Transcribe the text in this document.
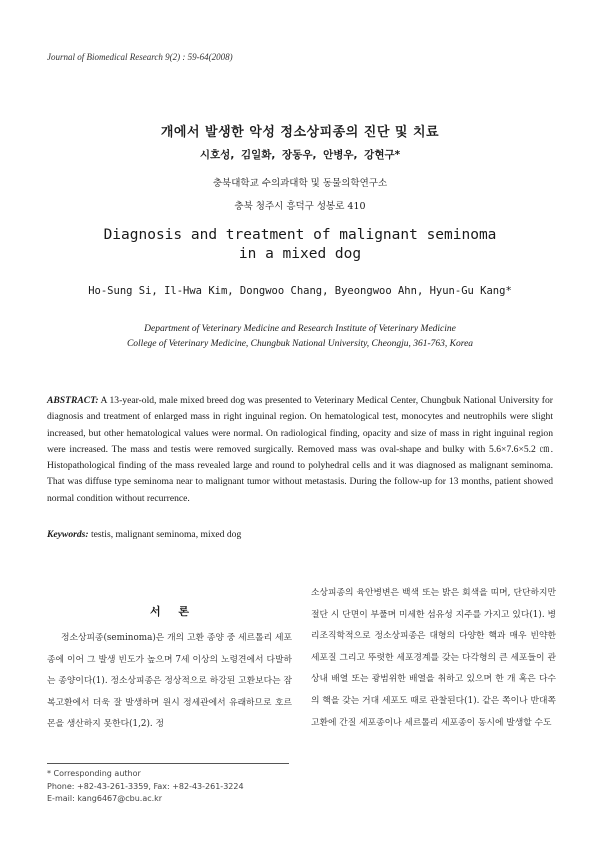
Journal of Biomedical Research 9(2) : 59-64(2008)
개에서 발생한 악성 정소상피종의 진단 및 치료
시호성, 김일화, 장동우, 안병우, 강현구*
충북대학교 수의과대학 및 동물의학연구소
충북 청주시 흥덕구 성봉로 410
Diagnosis and treatment of malignant seminoma
in a mixed dog
Ho-Sung Si, Il-Hwa Kim, Dongwoo Chang, Byeongwoo Ahn, Hyun-Gu Kang*
Department of Veterinary Medicine and Research Institute of Veterinary Medicine
College of Veterinary Medicine, Chungbuk National University, Cheongju, 361-763, Korea
ABSTRACT: A 13-year-old, male mixed breed dog was presented to Veterinary Medical Center, Chungbuk National University for diagnosis and treatment of enlarged mass in right inguinal region. On hematological test, monocytes and neutrophils were slight increased, but other hematological values were normal. On radiological finding, opacity and size of mass in right inguinal region were increased. The mass and testis were removed surgically. Removed mass was oval-shape and bulky with 5.6×7.6×5.2 ㎝. Histopathological finding of the mass revealed large and round to polyhedral cells and it was diagnosed as malignant seminoma. That was diffuse type seminoma near to malignant tumor without metastasis. During the follow-up for 13 months, patient showed normal condition without recurrence.
Keywords: testis, malignant seminoma, mixed dog
서 론
정소상피종(seminoma)은 개의 고환 종양 중 세르톨리 세포종에 이어 그 발생 빈도가 높으며 7세 이상의 노령견에서 다발하는 종양이다(1). 정소상피종은 정상적으로 하강된 고환보다는 잠복고환에서 더욱 잘 발생하며 원시 정세관에서 유래하므로 호르몬을 생산하지 못한다(1,2). 정
소상피종의 육안병변은 백색 또는 밝은 회색을 띠며, 단단하지만 절단 시 단면이 부풀며 미세한 섬유성 지주를 가지고 있다(1). 병리조직학적으로 정소상피종은 대형의 다양한 핵과 매우 빈약한 세포질 그리고 뚜렷한 세포경계를 갖는 다각형의 큰 세포들이 관상내 배열 또는 광범위한 배열을 취하고 있으며 한 개 혹은 다수의 핵을 갖는 거대 세포도 때로 관찰된다(1). 같은 쪽이나 반대쪽 고환에 간질 세포종이나 세르톨리 세포종이 동시에 발생할 수도
* Corresponding author
Phone: +82-43-261-3359, Fax: +82-43-261-3224
E-mail: kang6467@cbu.ac.kr
